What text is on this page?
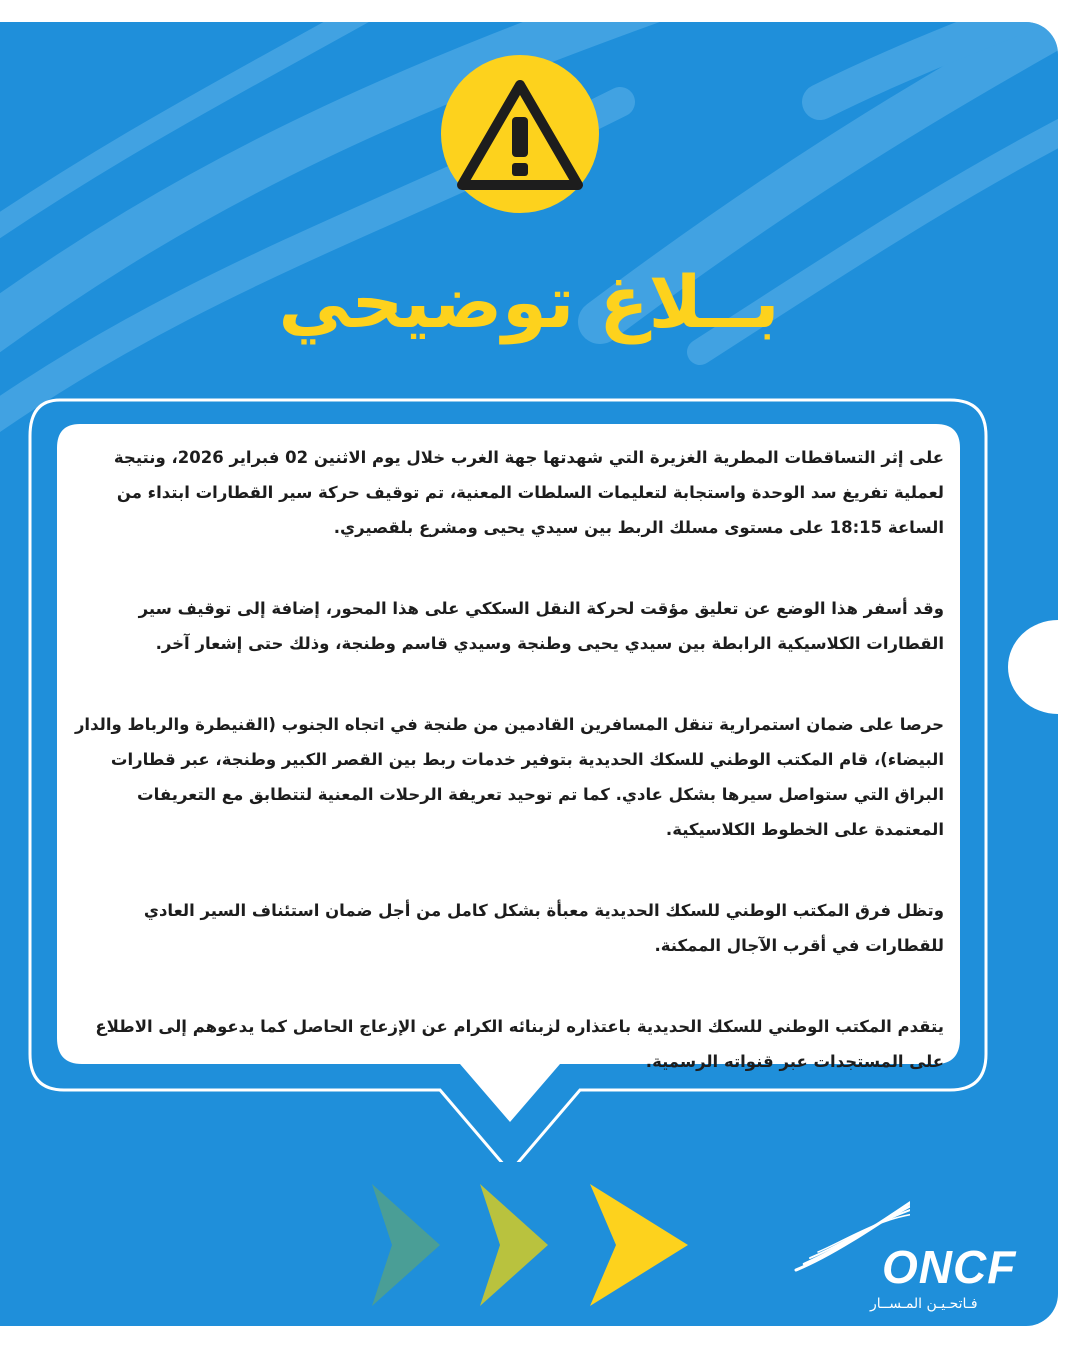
بــلاغ توضيحي

على إثر التساقطات المطرية الغزيرة التي شهدتها جهة الغرب خلال يوم الاثنين 02 فبراير 2026، ونتيجة لعملية تفريغ سد الوحدة واستجابة لتعليمات السلطات المعنية، تم توقيف حركة سير القطارات ابتداء من الساعة 18:15 على مستوى مسلك الربط بين سيدي يحيى ومشرع بلقصيري.

وقد أسفر هذا الوضع عن تعليق مؤقت لحركة النقل السككي على هذا المحور، إضافة إلى توقيف سير القطارات الكلاسيكية الرابطة بين سيدي يحيى وطنجة وسيدي قاسم وطنجة، وذلك حتى إشعار آخر.

حرصا على ضمان استمرارية تنقل المسافرين القادمين من طنجة في اتجاه الجنوب (القنيطرة والرباط والدار البيضاء)، قام المكتب الوطني للسكك الحديدية بتوفير خدمات ربط بين القصر الكبير وطنجة، عبر قطارات البراق التي ستواصل سيرها بشكل عادي. كما تم توحيد تعريفة الرحلات المعنية لتتطابق مع التعريفات المعتمدة على الخطوط الكلاسيكية.

وتظل فرق المكتب الوطني للسكك الحديدية معبأة بشكل كامل من أجل ضمان استئناف السير العادي للقطارات في أقرب الآجال الممكنة.

يتقدم المكتب الوطني للسكك الحديدية باعتذاره لزبنائه الكرام عن الإزعاج الحاصل كما يدعوهم إلى الاطلاع على المستجدات عبر قنواته الرسمية.

ONCF
فـاتحـيـن المـســار
